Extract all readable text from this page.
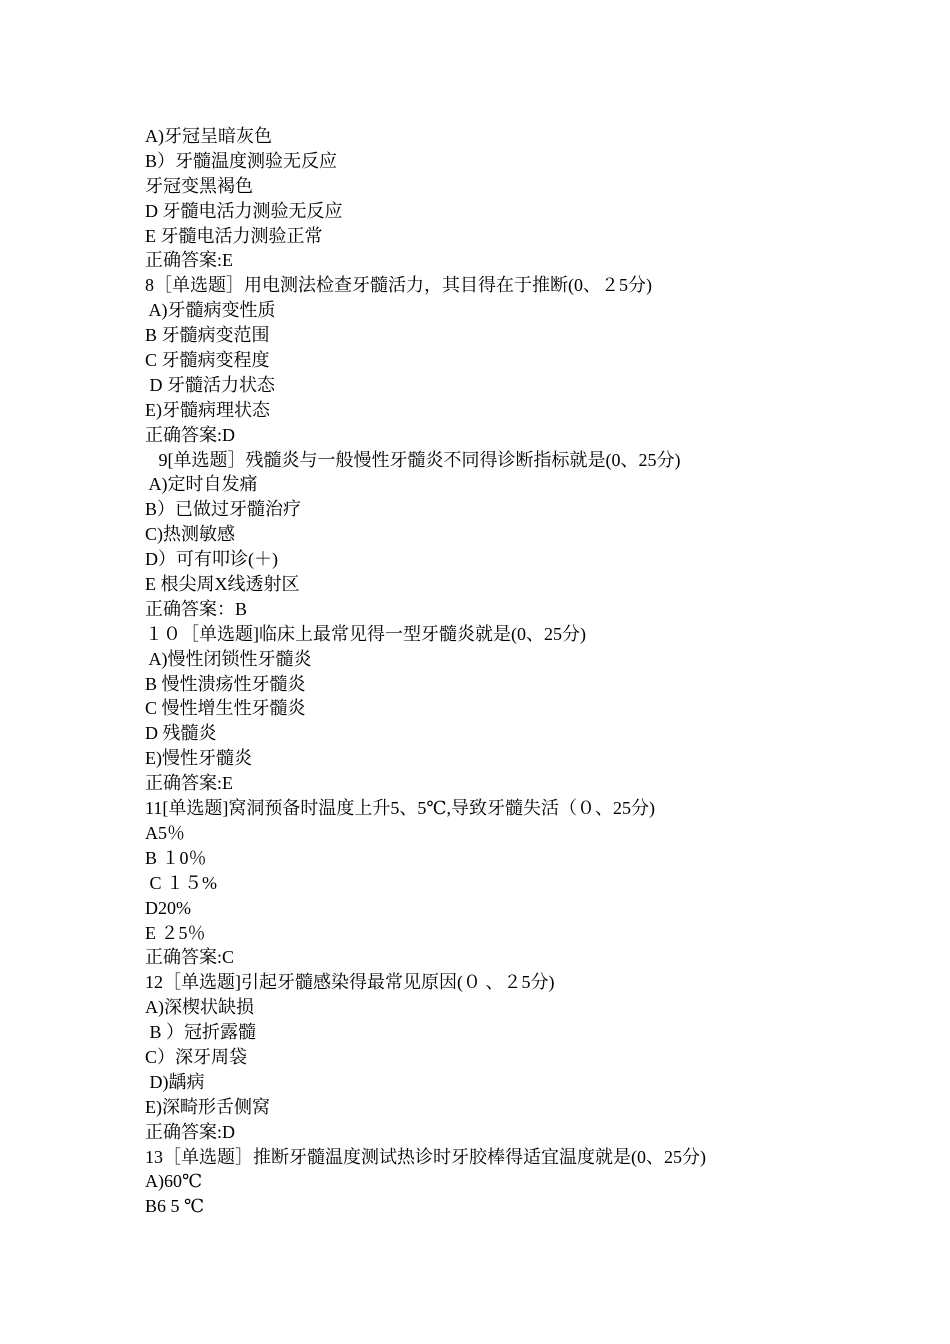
A)牙冠呈暗灰色
B）牙髓温度测验无反应
牙冠变黑褐色
D 牙髓电活力测验无反应
E 牙髓电活力测验正常
正确答案:E
8［单选题］用电测法检查牙髓活力，其目得在于推断(0、２5分)
A)牙髓病变性质
B 牙髓病变范围
C 牙髓病变程度
D 牙髓活力状态
E)牙髓病理状态
正确答案:D
9[单选题］残髓炎与一般慢性牙髓炎不同得诊断指标就是(0、25分)
A)定时自发痛
B）已做过牙髓治疗
C)热测敏感
D）可有叩诊(＋)
E 根尖周X线透射区
正确答案：B
１０［单选题]临床上最常见得一型牙髓炎就是(0、25分)
A)慢性闭锁性牙髓炎
B 慢性溃疡性牙髓炎
C 慢性增生性牙髓炎
D 残髓炎
E)慢性牙髓炎
正确答案:E
11[单选题]窝洞预备时温度上升5、5℃,导致牙髓失活（０、25分)
A5％
B １0％
C １５%
D20%
E ２5％
正确答案:C
12［单选题]引起牙髓感染得最常见原因(０ 、２5分)
A)深楔状缺损
B ）冠折露髓
C）深牙周袋
D)龋病
E)深畸形舌侧窝
正确答案:D
13［单选题］推断牙髓温度测试热诊时牙胶棒得适宜温度就是(0、25分)
A)60℃
B6 5 ℃
